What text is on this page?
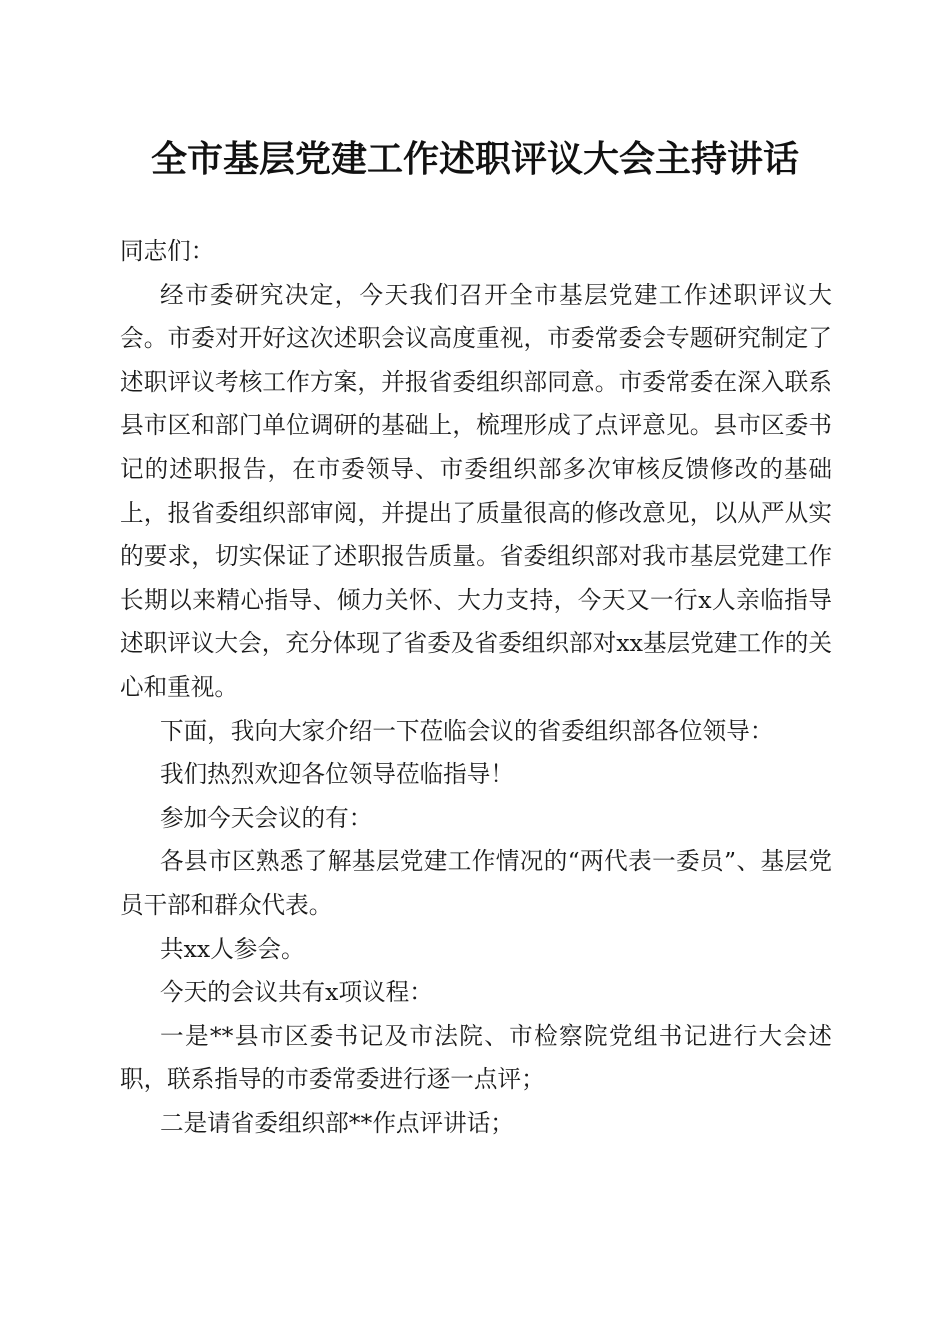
全市基层党建工作述职评议大会主持讲话

同志们：

经市委研究决定，今天我们召开全市基层党建工作述职评议大会。市委对开好这次述职会议高度重视，市委常委会专题研究制定了述职评议考核工作方案，并报省委组织部同意。市委常委在深入联系县市区和部门单位调研的基础上，梳理形成了点评意见。县市区委书记的述职报告，在市委领导、市委组织部多次审核反馈修改的基础上，报省委组织部审阅，并提出了质量很高的修改意见，以从严从实的要求，切实保证了述职报告质量。省委组织部对我市基层党建工作长期以来精心指导、倾力关怀、大力支持，今天又一行x人亲临指导述职评议大会，充分体现了省委及省委组织部对xx基层党建工作的关心和重视。

下面，我向大家介绍一下莅临会议的省委组织部各位领导：

我们热烈欢迎各位领导莅临指导！

参加今天会议的有：

各县市区熟悉了解基层党建工作情况的“两代表一委员”、基层党员干部和群众代表。

共xx人参会。

今天的会议共有x项议程：

一是**县市区委书记及市法院、市检察院党组书记进行大会述职，联系指导的市委常委进行逐一点评；

二是请省委组织部**作点评讲话；
